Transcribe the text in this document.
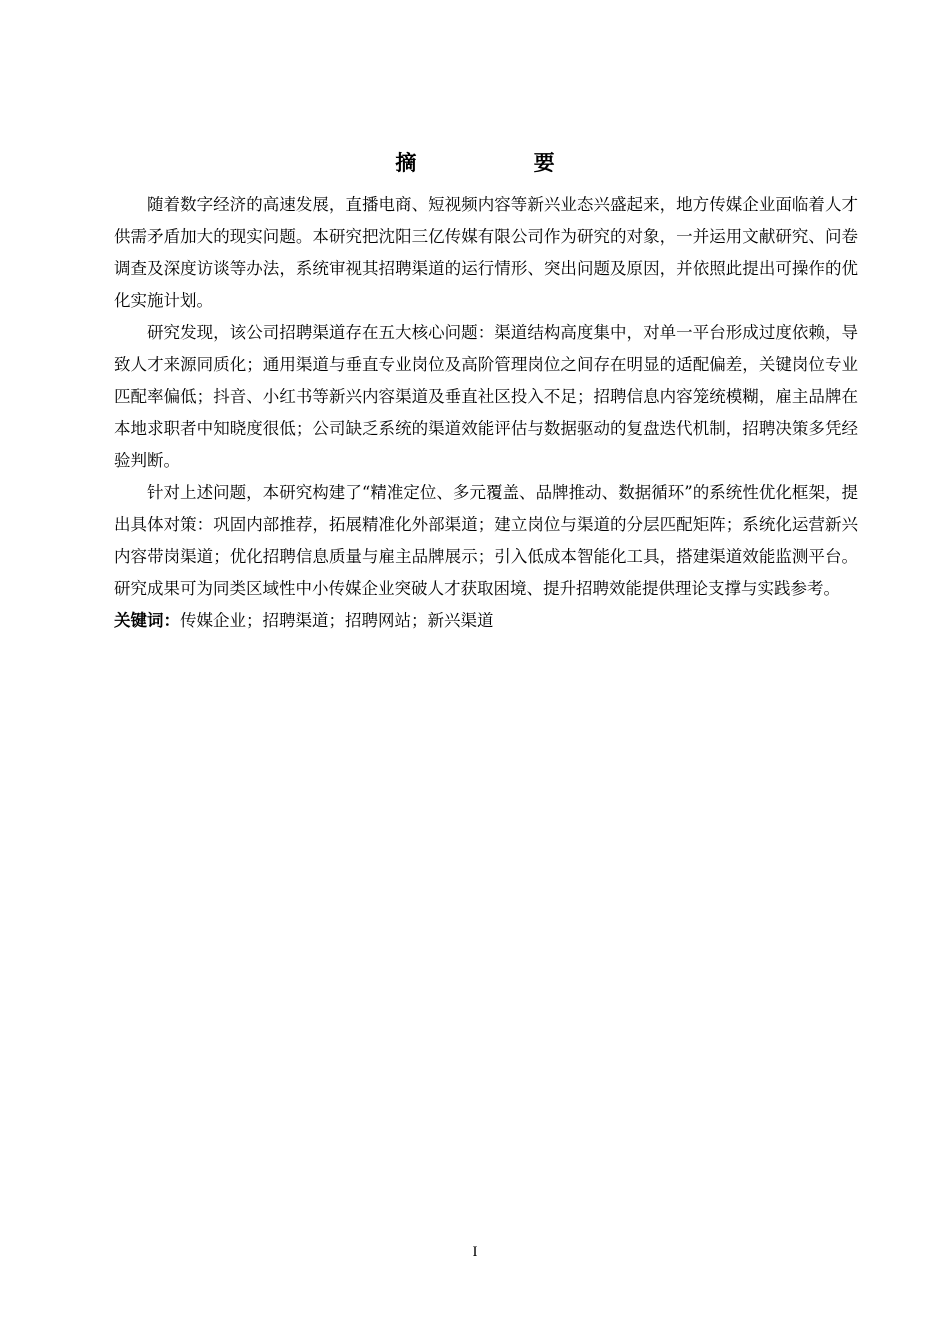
摘 要

随着数字经济的高速发展，直播电商、短视频内容等新兴业态兴盛起来，地方传媒企业面临着人才供需矛盾加大的现实问题。本研究把沈阳三亿传媒有限公司作为研究的对象，一并运用文献研究、问卷调查及深度访谈等办法，系统审视其招聘渠道的运行情形、突出问题及原因，并依照此提出可操作的优化实施计划。

研究发现，该公司招聘渠道存在五大核心问题：渠道结构高度集中，对单一平台形成过度依赖，导致人才来源同质化；通用渠道与垂直专业岗位及高阶管理岗位之间存在明显的适配偏差，关键岗位专业匹配率偏低；抖音、小红书等新兴内容渠道及垂直社区投入不足；招聘信息内容笼统模糊，雇主品牌在本地求职者中知晓度很低；公司缺乏系统的渠道效能评估与数据驱动的复盘迭代机制，招聘决策多凭经验判断。

针对上述问题，本研究构建了“精准定位、多元覆盖、品牌推动、数据循环”的系统性优化框架，提出具体对策：巩固内部推荐，拓展精准化外部渠道；建立岗位与渠道的分层匹配矩阵；系统化运营新兴内容带岗渠道；优化招聘信息质量与雇主品牌展示；引入低成本智能化工具，搭建渠道效能监测平台。研究成果可为同类区域性中小传媒企业突破人才获取困境、提升招聘效能提供理论支撑与实践参考。

关键词：传媒企业；招聘渠道；招聘网站；新兴渠道

I
